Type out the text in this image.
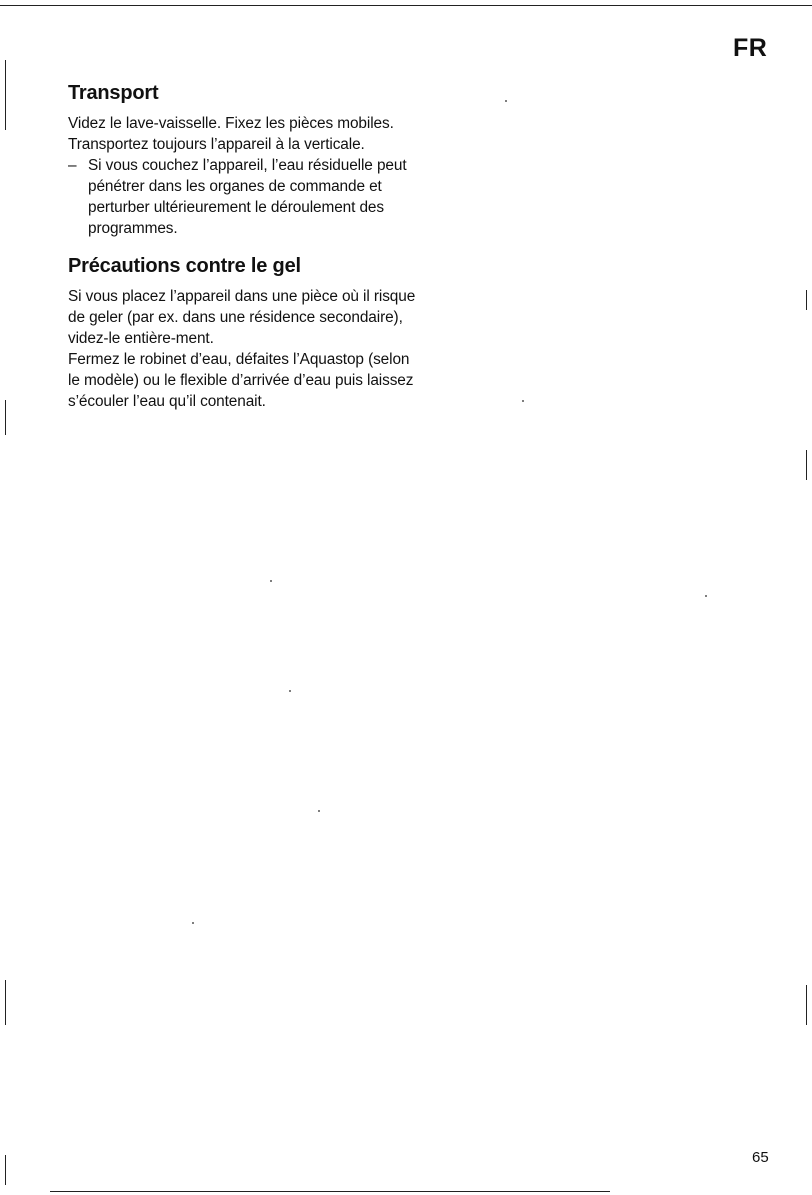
FR
Transport

Videz le lave-vaisselle. Fixez les pièces mobiles. Transportez toujours l’appareil à la verticale.

– Si vous couchez l’appareil, l’eau résiduelle peut pénétrer dans les organes de commande et perturber ultérieurement le déroulement des programmes.
Précautions contre le gel

Si vous placez l’appareil dans une pièce où il risque de geler (par ex. dans une résidence secondaire), videz-le entière-ment.

Fermez le robinet d’eau, défaites l’Aquastop (selon le modèle) ou le flexible d’arrivée d’eau puis laissez s’écouler l’eau qu’il contenait.

65
